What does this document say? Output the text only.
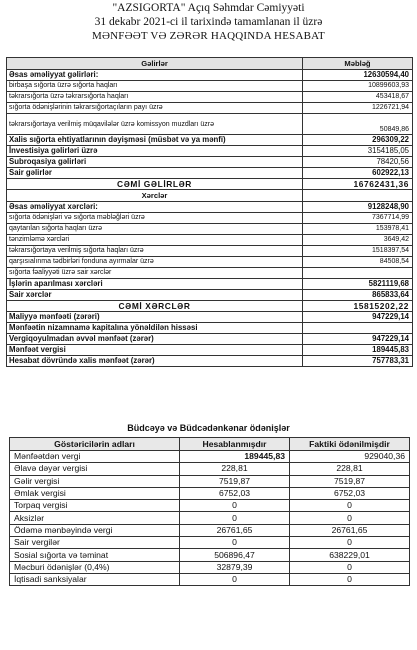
"AZSIGORTA" Açıq Səhmdar Cəmiyyəti
31 dekabr 2021-ci il tarixində tamamlanan il üzrə
MƏNFƏƏT VƏ ZƏRƏR HAQQINDA HESABAT
Gəlirlər	Məbləğ
Əsas əməliyyat gəlirləri:	12630594,40
birbaşa sığorta üzrə sığorta haqları	10899603,93
təkrarsığorta üzrə təkrarsığorta haqları	453418,67
sığorta ödənişlərinin təkrarsığortaçıların payı üzrə	1226721,94
təkrarsığortaya verilmiş müqavilələr üzrə komissyon muzdları üzrə	50849,86
Xalis sığorta ehtiyatlarının dəyişməsi (müsbət və ya mənfi)	296309,22
İnvestisiya gəlirləri üzrə	3154185,05
Subroqasiya gəlirləri	78420,56
Sair gəlirlər	602922,13
CƏMİ GƏLİRLƏR	16762431,36
Xərclər	
Əsas əməliyyat xərcləri:	9128248,90
sığorta ödənişləri və sığorta məbləğləri üzrə	7367714,99
qaytarılan sığorta haqları üzrə	153978,41
tənzimləmə xərcləri	3649,42
təkrarsığortaya verilmiş sığorta haqları üzrə	1518397,54
qarşısıalınma tədbirləri fonduna ayırmalar üzrə	84508,54
sığorta fəaliyyəti üzrə sair xərclər	
İşlərin aparılması xərcləri	5821119,68
Sair xərclər	865833,64
CƏMİ XƏRCLƏR	15815202,22
Maliyyə mənfəəti (zərəri)	947229,14
Mənfəətin nizamnamə kapitalına yönəldilən hissəsi	
Vergiqoyulmadan əvvəl mənfəət (zərər)	947229,14
Mənfəət vergisi	189445,83
Hesabat dövründə xalis mənfəət (zərər)	757783,31
Büdcəyə və Büdcədənkənar ödənişlər
Göstəricilərin adları	Hesablanmışdır	Faktiki ödənilmişdir
Mənfəətdən vergi	189445,83	929040,36
Əlavə dəyər vergisi	228,81	228,81
Gəlir vergisi	7519,87	7519,87
Əmlak vergisi	6752,03	6752,03
Torpaq vergisi	0	0
Aksizlər	0	0
Ödəmə mənbəyində vergi	26761,65	26761,65
Sair vergilər	0	0
Sosial sığorta və təminat	506896,47	638229,01
Məcburi ödənişlər (0,4%)	32879,39	0
İqtisadi sanksiyalar	0	0
